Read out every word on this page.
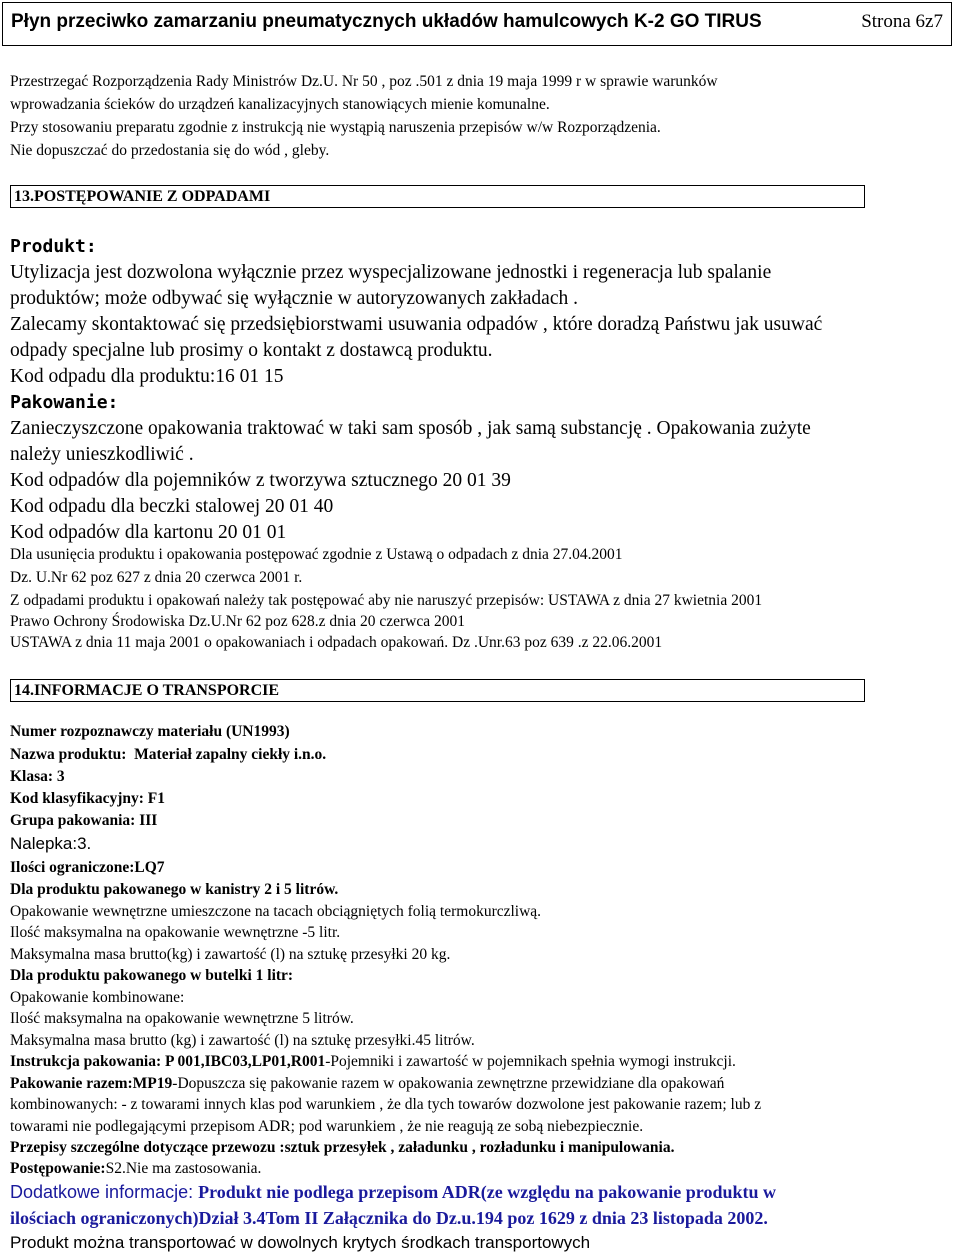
Płyn przeciwko zamarzaniu pneumatycznych układów hamulcowych K-2 GO TIRUS	Strona 6z7
Przestrzegać Rozporządzenia Rady Ministrów Dz.U. Nr 50 , poz .501 z dnia 19 maja 1999 r w sprawie warunków
wprowadzania ścieków do urządzeń kanalizacyjnych stanowiących mienie komunalne.
Przy stosowaniu preparatu zgodnie z instrukcją nie wystąpią naruszenia przepisów w/w Rozporządzenia.
Nie dopuszczać do przedostania się do wód , gleby.
13.POSTĘPOWANIE Z ODPADAMI
Produkt:
Utylizacja jest dozwolona wyłącznie przez wyspecjalizowane jednostki i regeneracja lub spalanie
produktów; może odbywać się wyłącznie w autoryzowanych zakładach .
Zalecamy skontaktować się przedsiębiorstwami usuwania odpadów , które doradzą Państwu jak usuwać
odpady specjalne lub prosimy o kontakt z dostawcą produktu.
Kod odpadu dla produktu:16 01 15
Pakowanie:
Zanieczyszczone opakowania traktować w taki sam sposób , jak samą substancję . Opakowania zużyte
należy unieszkodliwić .
Kod odpadów dla pojemników z tworzywa sztucznego 20 01 39
Kod odpadu dla beczki stalowej 20 01 40
Kod odpadów dla kartonu 20 01 01
Dla usunięcia produktu i opakowania postępować zgodnie z Ustawą o odpadach z dnia 27.04.2001
Dz. U.Nr 62 poz 627 z dnia 20 czerwca 2001 r.
Z odpadami produktu i opakowań należy tak postępować aby nie naruszyć przepisów: USTAWA z dnia 27 kwietnia 2001
Prawo Ochrony Środowiska Dz.U.Nr 62 poz 628.z dnia 20 czerwca 2001
USTAWA z dnia 11 maja 2001 o opakowaniach i odpadach opakowań. Dz .Unr.63 poz 639 .z 22.06.2001
14.INFORMACJE O TRANSPORCIE
Numer rozpoznawczy materiału (UN1993)
Nazwa produktu: Materiał zapalny ciekły i.n.o.
Klasa: 3
Kod klasyfikacyjny: F1
Grupa pakowania: III
Nalepka:3.
Ilości ograniczone:LQ7
Dla produktu pakowanego w kanistry 2 i 5 litrów.
Opakowanie wewnętrzne umieszczone na tacach obciągniętych folią termokurczliwą.
Ilość maksymalna na opakowanie wewnętrzne -5 litr.
Maksymalna masa brutto(kg) i zawartość (l) na sztukę przesyłki 20 kg.
Dla produktu pakowanego w butelki 1 litr:
Opakowanie kombinowane:
Ilość maksymalna na opakowanie wewnętrzne 5 litrów.
Maksymalna masa brutto (kg) i zawartość (l) na sztukę przesyłki.45 litrów.
Instrukcja pakowania: P 001,IBC03,LP01,R001-Pojemniki i zawartość w pojemnikach spełnia wymogi instrukcji.
Pakowanie razem:MP19-Dopuszcza się pakowanie razem w opakowania zewnętrzne przewidziane dla opakowań
kombinowanych: - z towarami innych klas pod warunkiem , że dla tych towarów dozwolone jest pakowanie razem; lub z
towarami nie podlegającymi przepisom ADR; pod warunkiem , że nie reagują ze sobą niebezpiecznie.
Przepisy szczególne dotyczące przewozu :sztuk przesyłek , załadunku , rozładunku i manipulowania.
Postępowanie:S2.Nie ma zastosowania.
Dodatkowe informacje: Produkt nie podlega przepisom ADR(ze względu na pakowanie produktu w
ilościach ograniczonych)Dział 3.4Tom II Załącznika do Dz.u.194 poz 1629 z dnia 23 listopada 2002.
Produkt można transportować w dowolnych krytych środkach transportowych
